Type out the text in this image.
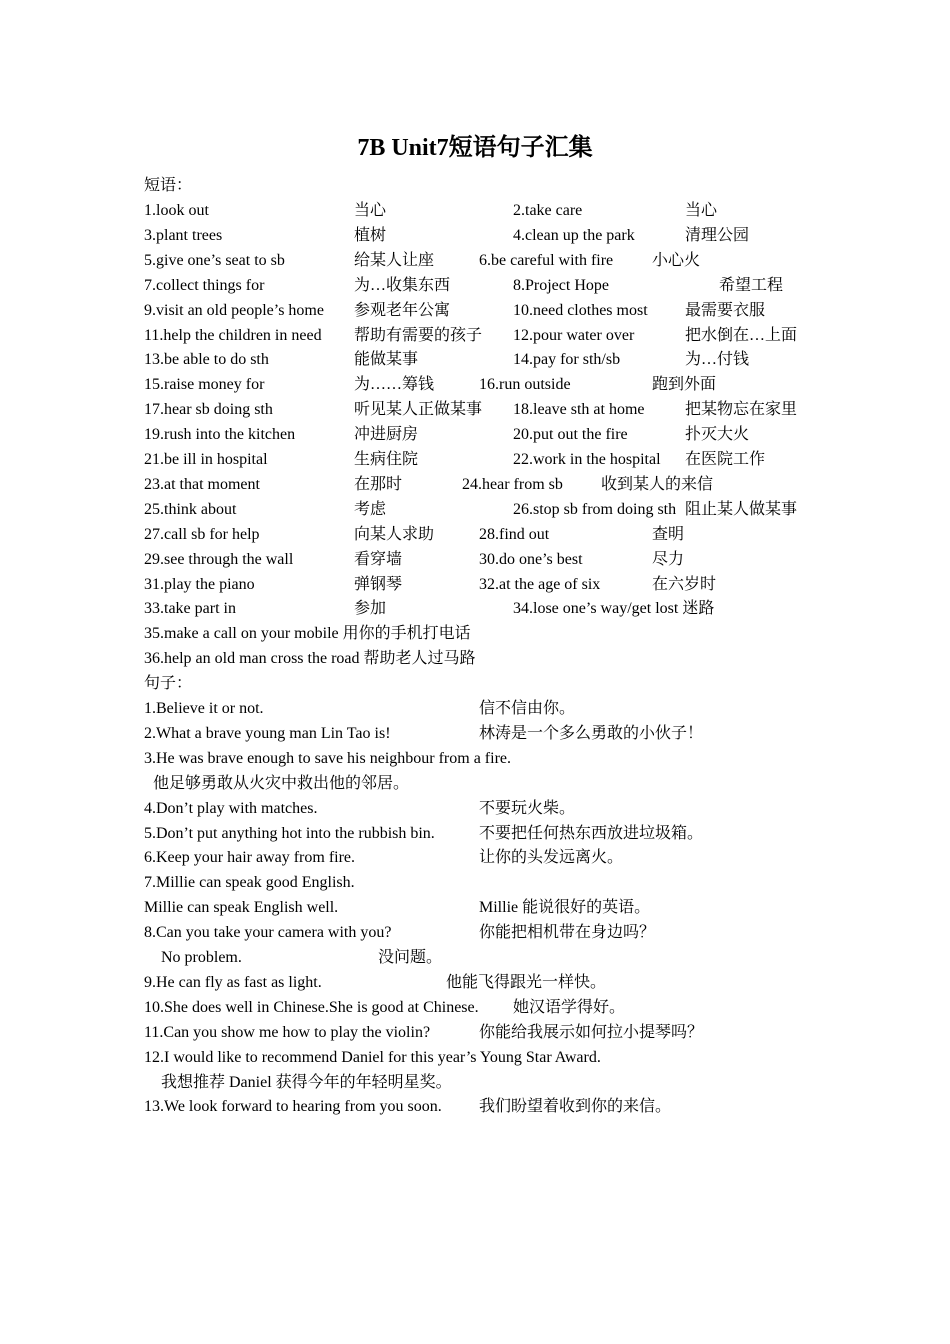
7B Unit7短语句子汇集
短语：
1.look out	当心	2.take care	当心
3.plant trees	植树	4.clean up the park	清理公园
5.give one’s seat to sb	给某人让座	6.be careful with fire 小心火
7.collect things for	为…收集东西	8.Project Hope	希望工程
9.visit an old people’s home 参观老年公寓	10.need clothes most 最需要衣服
11.help the children in need 帮助有需要的孩子 12.pour water over	把水倒在…上面
13.be able to do sth	能做某事	14.pay for sth/sb	为…付钱
15.raise money for	为……筹钱	16.run outside	跑到外面
17.hear sb doing sth	听见某人正做某事 18.leave sth at home	把某物忘在家里
19.rush into the kitchen	冲进厨房	20.put out the fire	扑灭大火
21.be ill in hospital	生病住院	22.work in the hospital 在医院工作
23.at that moment	在那时	24.hear from sb 收到某人的来信
25.think about	考虑	26.stop sb from doing sth 阻止某人做某事
27.call sb for help	向某人求助	28.find out	查明
29.see through the wall	看穿墙	30.do one’s best	尽力
31.play the piano	弹钢琴	32.at the age of six	在六岁时
33.take part in	参加	34.lose one’s way/get lost 迷路
35.make a call on your mobile 用你的手机打电话
36.help an old man cross the road 帮助老人过马路
句子：
1.Believe it or not.	信不信由你。
2.What a brave young man Lin Tao is!	林涛是一个多么勇敢的小伙子！
3.He was brave enough to save his neighbour from a fire.
他足够勇敢从火灾中救出他的邻居。
4.Don’t play with matches.	不要玩火柴。
5.Don’t put anything hot into the rubbish bin.	不要把任何热东西放进垃圾箱。
6.Keep your hair away from fire.	让你的头发远离火。
7.Millie can speak good English.
Millie can speak English well.	Millie 能说很好的英语。
8.Can you take your camera with you?	你能把相机带在身边吗？
No problem.	没问题。
9.He can fly as fast as light.	他能飞得跟光一样快。
10.She does well in Chinese.She is good at Chinese. 她汉语学得好。
11.Can you show me how to play the violin?	你能给我展示如何拉小提琴吗？
12.I would like to recommend Daniel for this year’s Young Star Award.
我想推荐 Daniel 获得今年的年轻明星奖。
13.We look forward to hearing from you soon. 我们盼望着收到你的来信。
